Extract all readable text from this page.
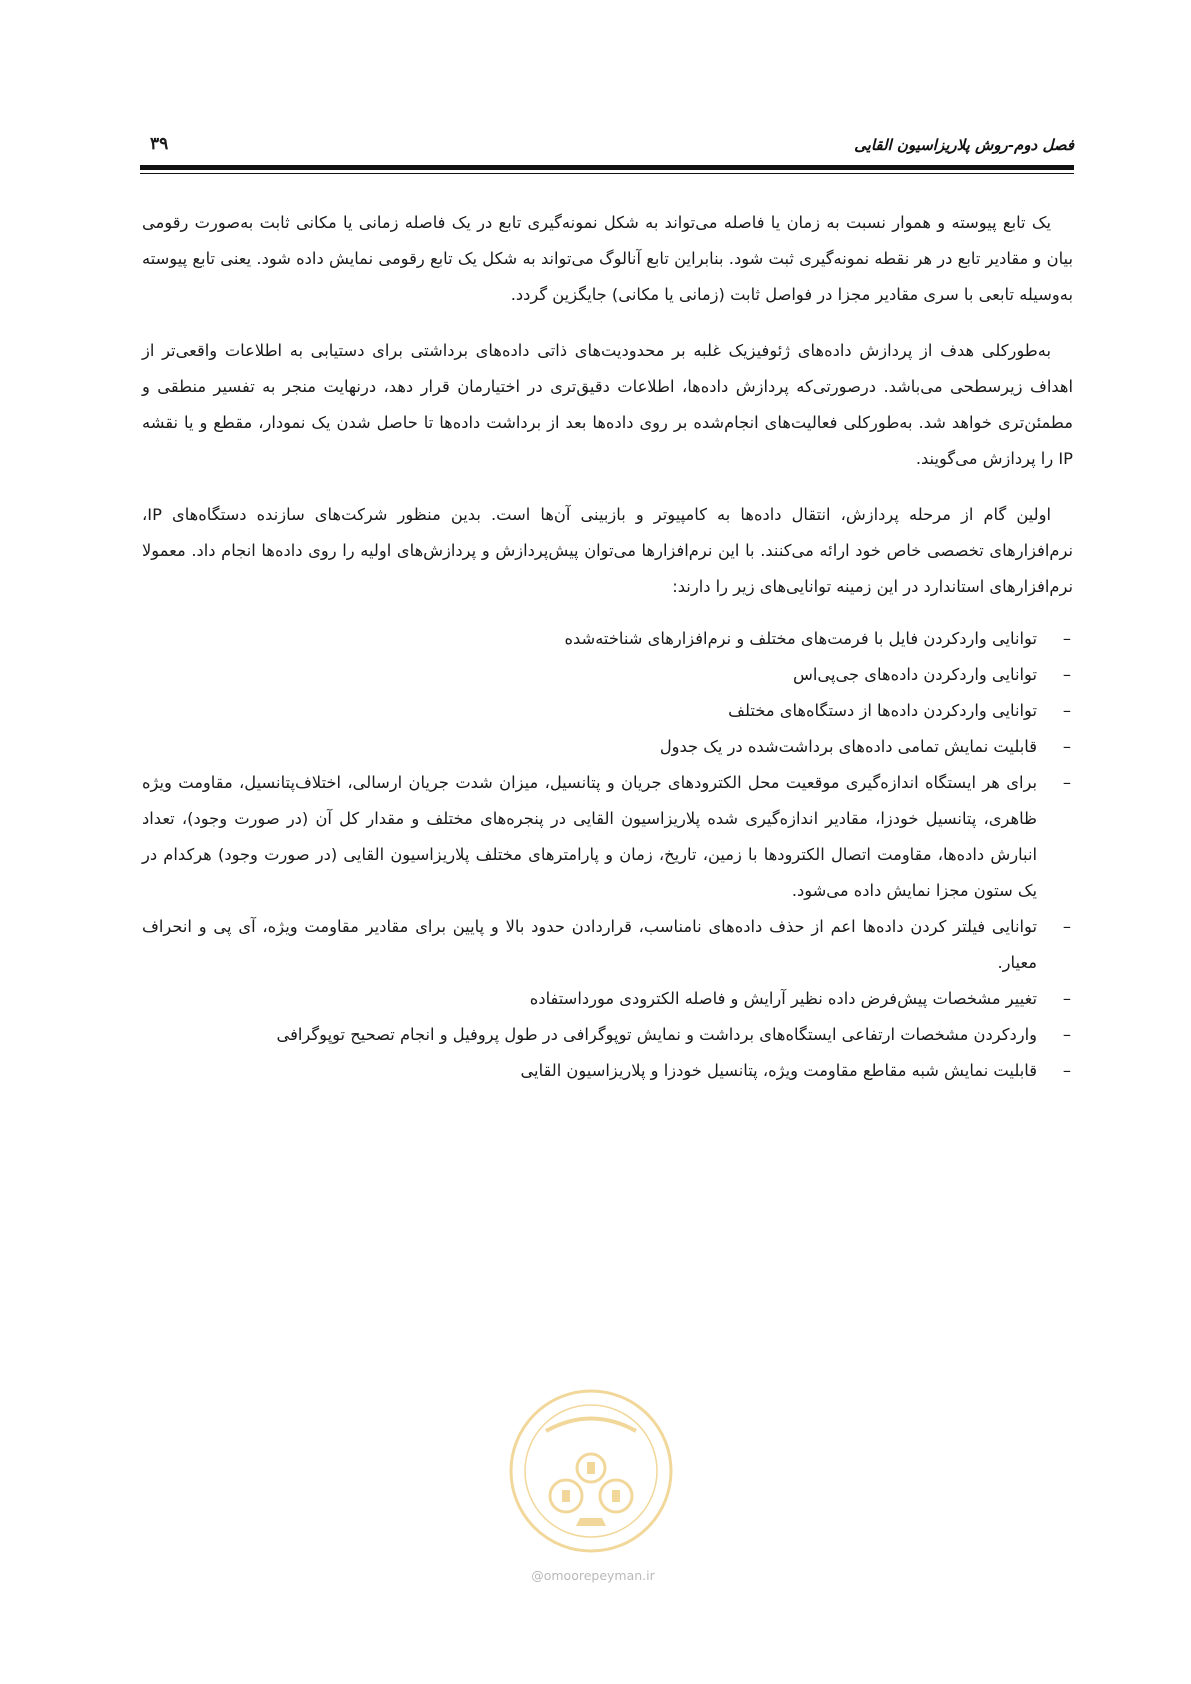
فصل دوم-روش پلاریزاسیون القایی
۳۹

یک تابع پیوسته و هموار نسبت به زمان یا فاصله می‌تواند به شکل نمونه‌گیری تابع در یک فاصله زمانی یا مکانی ثابت به‌صورت رقومی بیان و مقادیر تابع در هر نقطه نمونه‌گیری ثبت شود. بنابراین تابع آنالوگ می‌تواند به شکل یک تابع رقومی نمایش داده شود. یعنی تابع پیوسته به‌وسیله تابعی با سری مقادیر مجزا در فواصل ثابت (زمانی یا مکانی) جایگزین گردد.

به‌طورکلی هدف از پردازش داده‌های ژئوفیزیک غلبه بر محدودیت‌های ذاتی داده‌های برداشتی برای دستیابی به اطلاعات واقعی‌تر از اهداف زیرسطحی می‌باشد. درصورتی‌که پردازش داده‌ها، اطلاعات دقیق‌تری در اختیارمان قرار دهد، درنهایت منجر به تفسیر منطقی و مطمئن‌تری خواهد شد. به‌طورکلی فعالیت‌های انجام‌شده بر روی داده‌ها بعد از برداشت داده‌ها تا حاصل شدن یک نمودار، مقطع و یا نقشه IP را پردازش می‌گویند.

اولین گام از مرحله پردازش، انتقال داده‌ها به کامپیوتر و بازبینی آن‌ها است. بدین منظور شرکت‌های سازنده دستگاه‌های IP، نرم‌افزارهای تخصصی خاص خود ارائه می‌کنند. با این نرم‌افزارها می‌توان پیش‌پردازش و پردازش‌های اولیه را روی داده‌ها انجام داد. معمولا نرم‌افزارهای استاندارد در این زمینه توانایی‌های زیر را دارند:

–
توانایی واردکردن فایل با فرمت‌های مختلف و نرم‌افزارهای شناخته‌شده
–
توانایی واردکردن داده‌های جی‌پی‌اس
–
توانایی واردکردن داده‌ها از دستگاه‌های مختلف
–
قابلیت نمایش تمامی داده‌های برداشت‌شده در یک جدول
–
برای هر ایستگاه اندازه‌گیری موقعیت محل الکترودهای جریان و پتانسیل، میزان شدت جریان ارسالی، اختلاف‌پتانسیل، مقاومت ویژه ظاهری، پتانسیل خودزا، مقادیر اندازه‌گیری شده پلاریزاسیون القایی در پنجره‌های مختلف و مقدار کل آن (در صورت وجود)، تعداد انبارش داده‌ها، مقاومت اتصال الکترودها با زمین، تاریخ، زمان و پارامترهای مختلف پلاریزاسیون القایی (در صورت وجود) هرکدام در یک ستون مجزا نمایش داده می‌شود.
–
توانایی فیلتر کردن داده‌ها اعم از حذف داده‌های نامناسب، قراردادن حدود بالا و پایین برای مقادیر مقاومت ویژه، آی پی و انحراف معیار.
–
تغییر مشخصات پیش‌فرض داده نظیر آرایش و فاصله الکترودی مورداستفاده
–
واردکردن مشخصات ارتفاعی ایستگاه‌های برداشت و نمایش توپوگرافی در طول پروفیل و انجام تصحیح توپوگرافی
–
قابلیت نمایش شبه مقاطع مقاومت ویژه، پتانسیل خودزا و پلاریزاسیون القایی
@omoorepeyman.ir
